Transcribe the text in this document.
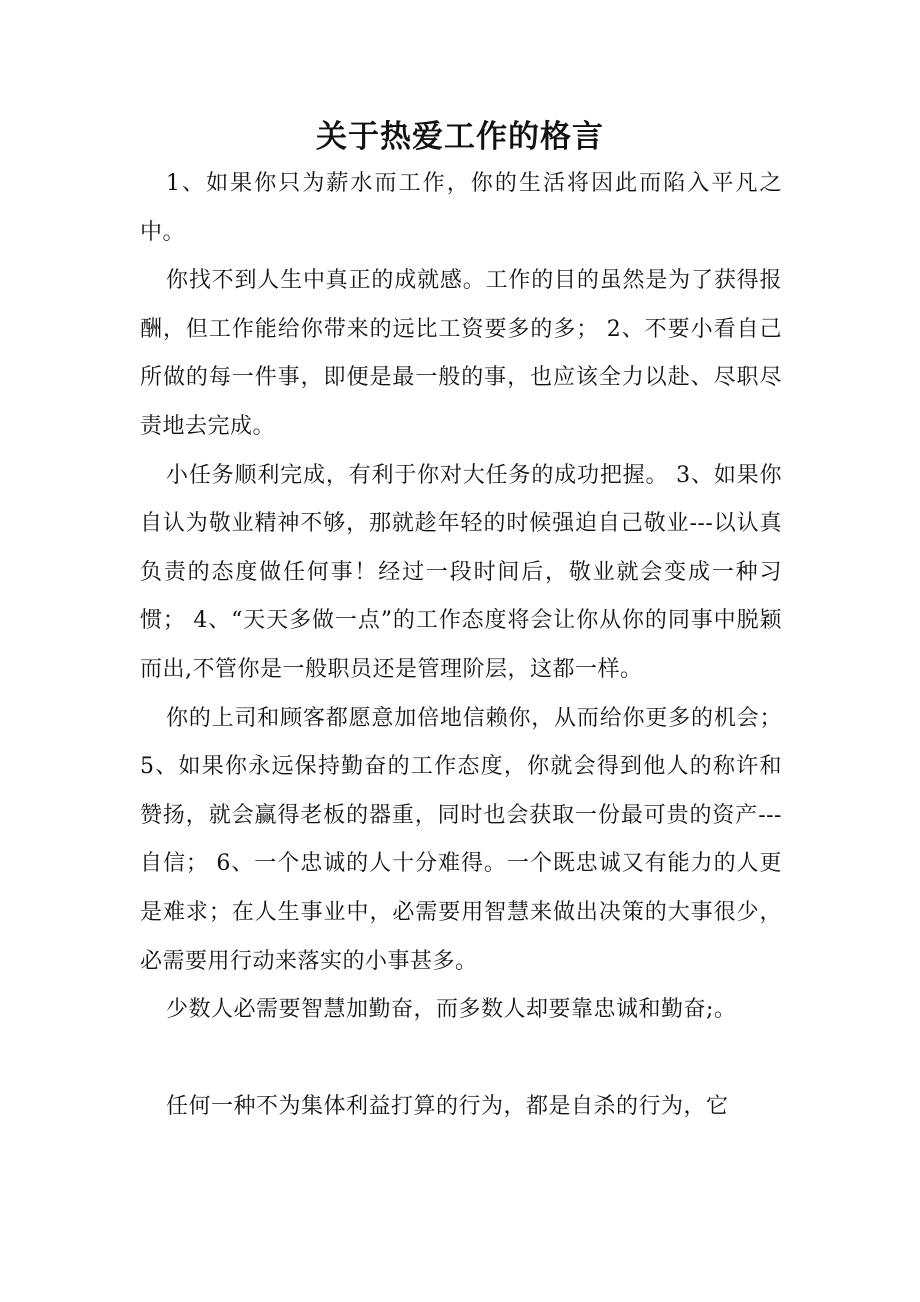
关于热爱工作的格言

1、如果你只为薪水而工作，你的生活将因此而陷入平凡之中。

你找不到人生中真正的成就感。工作的目的虽然是为了获得报酬，但工作能给你带来的远比工资要多的多； 2、不要小看自己所做的每一件事，即便是最一般的事，也应该全力以赴、尽职尽责地去完成。

小任务顺利完成，有利于你对大任务的成功把握。 3、如果你自认为敬业精神不够，那就趁年轻的时候强迫自己敬业---以认真负责的态度做任何事！经过一段时间后，敬业就会变成一种习惯； 4、“天天多做一点”的工作态度将会让你从你的同事中脱颖而出,不管你是一般职员还是管理阶层，这都一样。

你的上司和顾客都愿意加倍地信赖你，从而给你更多的机会； 5、如果你永远保持勤奋的工作态度，你就会得到他人的称许和赞扬，就会赢得老板的器重，同时也会获取一份最可贵的资产---自信； 6、一个忠诚的人十分难得。一个既忠诚又有能力的人更是难求；在人生事业中，必需要用智慧来做出决策的大事很少，必需要用行动来落实的小事甚多。

少数人必需要智慧加勤奋，而多数人却要靠忠诚和勤奋;。

任何一种不为集体利益打算的行为，都是自杀的行为，它
